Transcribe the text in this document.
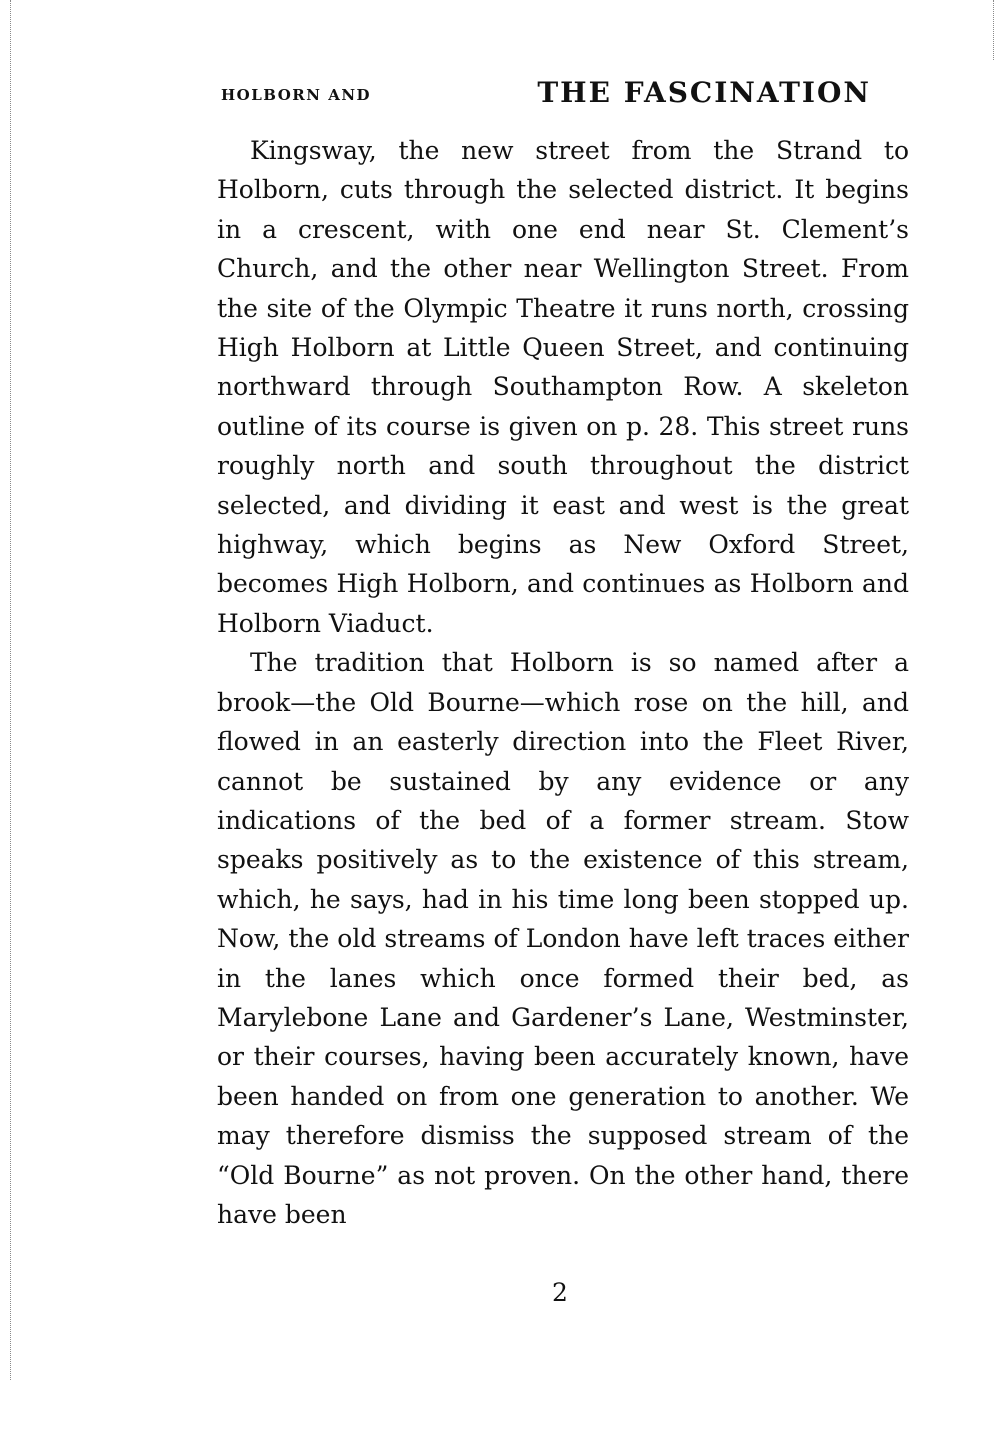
HOLBORN AND	THE FASCINATION

Kingsway, the new street from the Strand to Holborn, cuts through the selected district. It begins in a crescent, with one end near St. Clement’s Church, and the other near Wellington Street. From the site of the Olympic Theatre it runs north, crossing High Holborn at Little Queen Street, and continuing northward through Southampton Row. A skeleton outline of its course is given on p. 28. This street runs roughly north and south throughout the district selected, and dividing it east and west is the great highway, which begins as New Oxford Street, becomes High Holborn, and continues as Holborn and Holborn Viaduct.

The tradition that Holborn is so named after a brook—the Old Bourne—which rose on the hill, and flowed in an easterly direction into the Fleet River, cannot be sustained by any evidence or any indications of the bed of a former stream. Stow speaks positively as to the existence of this stream, which, he says, had in his time long been stopped up. Now, the old streams of London have left traces either in the lanes which once formed their bed, as Marylebone Lane and Gardener’s Lane, Westminster, or their courses, having been accurately known, have been handed on from one generation to another. We may therefore dismiss the supposed stream of the “Old Bourne” as not proven. On the other hand, there have been

2
